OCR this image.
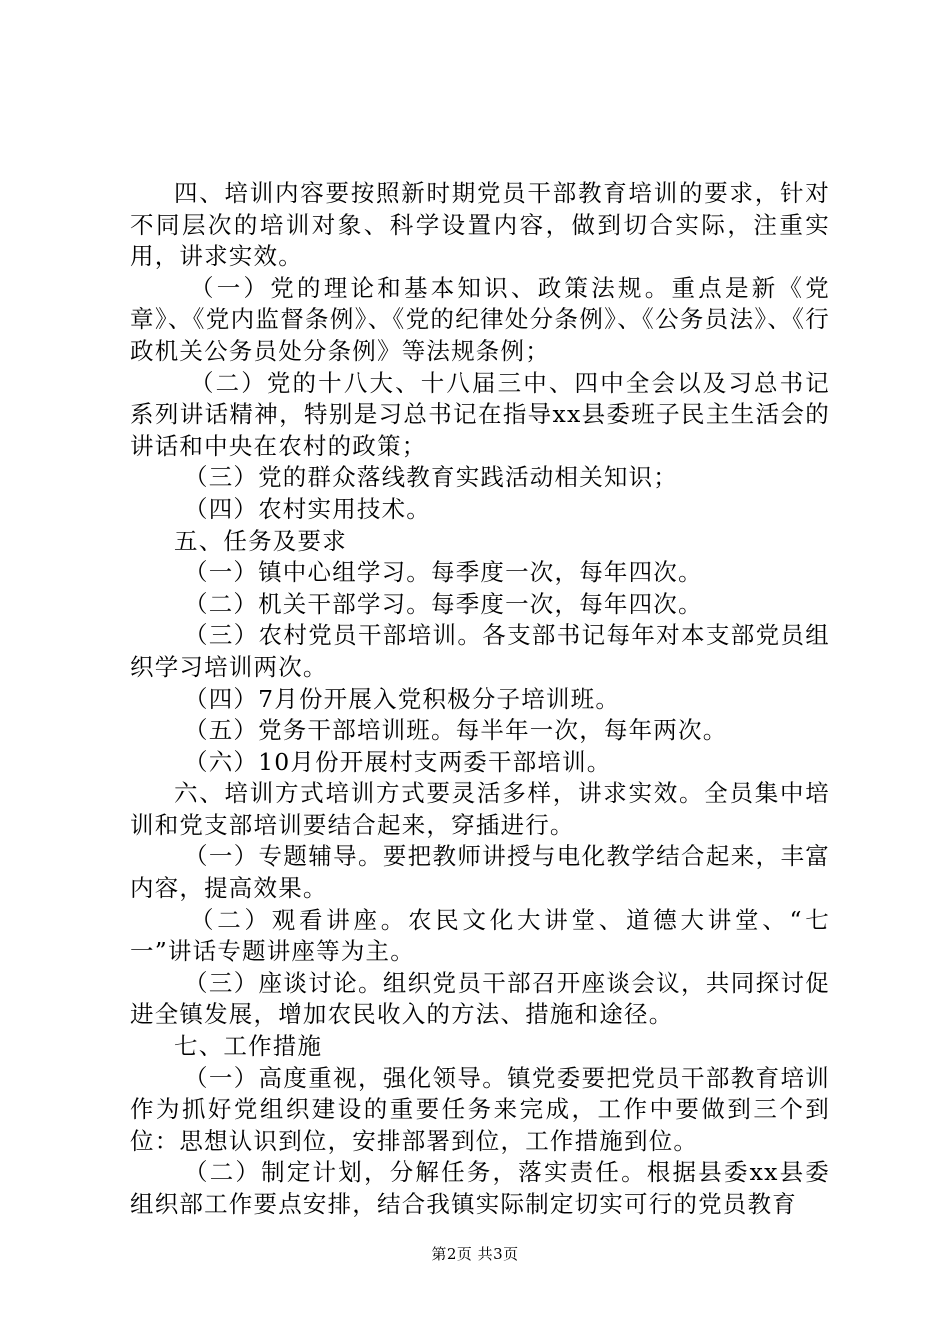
四、培训内容要按照新时期党员干部教育培训的要求，针对不同层次的培训对象、科学设置内容，做到切合实际，注重实用，讲求实效。

（一）党的理论和基本知识、政策法规。重点是新《党章》、《党内监督条例》、《党的纪律处分条例》、《公务员法》、《行政机关公务员处分条例》等法规条例；

（二）党的十八大、十八届三中、四中全会以及习总书记系列讲话精神，特别是习总书记在指导xx县委班子民主生活会的讲话和中央在农村的政策；

（三）党的群众落线教育实践活动相关知识；

（四）农村实用技术。

五、任务及要求

（一）镇中心组学习。每季度一次，每年四次。

（二）机关干部学习。每季度一次，每年四次。

（三）农村党员干部培训。各支部书记每年对本支部党员组织学习培训两次。

（四）7月份开展入党积极分子培训班。

（五）党务干部培训班。每半年一次，每年两次。

（六）10月份开展村支两委干部培训。

六、培训方式培训方式要灵活多样，讲求实效。全员集中培训和党支部培训要结合起来，穿插进行。

（一）专题辅导。要把教师讲授与电化教学结合起来，丰富内容，提高效果。

（二）观看讲座。农民文化大讲堂、道德大讲堂、“七一”讲话专题讲座等为主。

（三）座谈讨论。组织党员干部召开座谈会议，共同探讨促进全镇发展，增加农民收入的方法、措施和途径。

七、工作措施

（一）高度重视，强化领导。镇党委要把党员干部教育培训作为抓好党组织建设的重要任务来完成，工作中要做到三个到位：思想认识到位，安排部署到位，工作措施到位。

（二）制定计划，分解任务，落实责任。根据县委xx县委组织部工作要点安排，结合我镇实际制定切实可行的党员教育

第2页 共3页
